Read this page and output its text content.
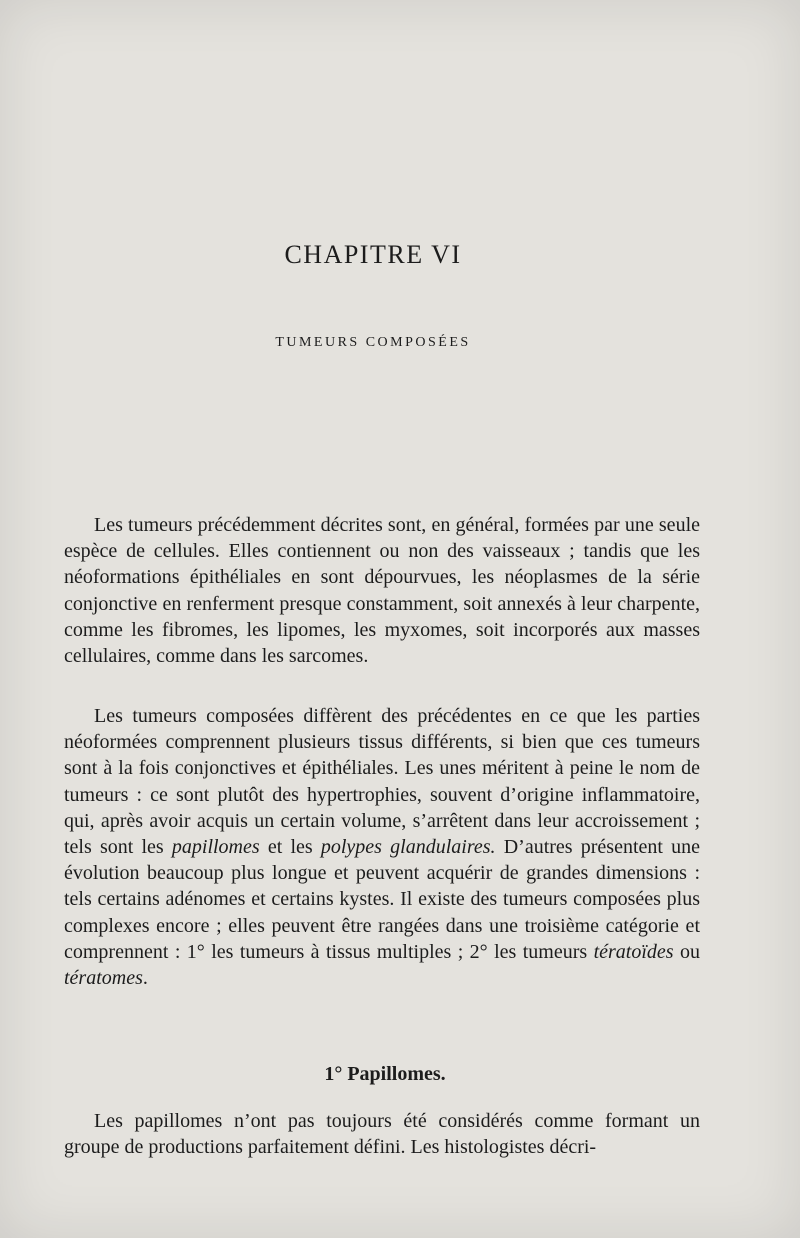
CHAPITRE VI
TUMEURS COMPOSÉES

Les tumeurs précédemment décrites sont, en général, formées par une seule espèce de cellules. Elles contiennent ou non des vaisseaux ; tandis que les néoformations épithéliales en sont dépourvues, les néoplasmes de la série conjonctive en renferment presque constamment, soit annexés à leur charpente, comme les fibromes, les lipomes, les myxomes, soit incorporés aux masses cellulaires, comme dans les sarcomes.

Les tumeurs composées diffèrent des précédentes en ce que les parties néoformées comprennent plusieurs tissus différents, si bien que ces tumeurs sont à la fois conjonctives et épithéliales. Les unes méritent à peine le nom de tumeurs : ce sont plutôt des hypertrophies, souvent d’origine inflammatoire, qui, après avoir acquis un certain volume, s’arrêtent dans leur accroissement ; tels sont les papillomes et les polypes glandulaires. D’autres présentent une évolution beaucoup plus longue et peuvent acquérir de grandes dimensions : tels certains adénomes et certains kystes. Il existe des tumeurs composées plus complexes encore ; elles peuvent être rangées dans une troisième catégorie et comprennent : 1° les tumeurs à tissus multiples ; 2° les tumeurs tératoïdes ou tératomes.

1° Papillomes.

Les papillomes n’ont pas toujours été considérés comme formant un groupe de productions parfaitement défini. Les histologistes décri-
